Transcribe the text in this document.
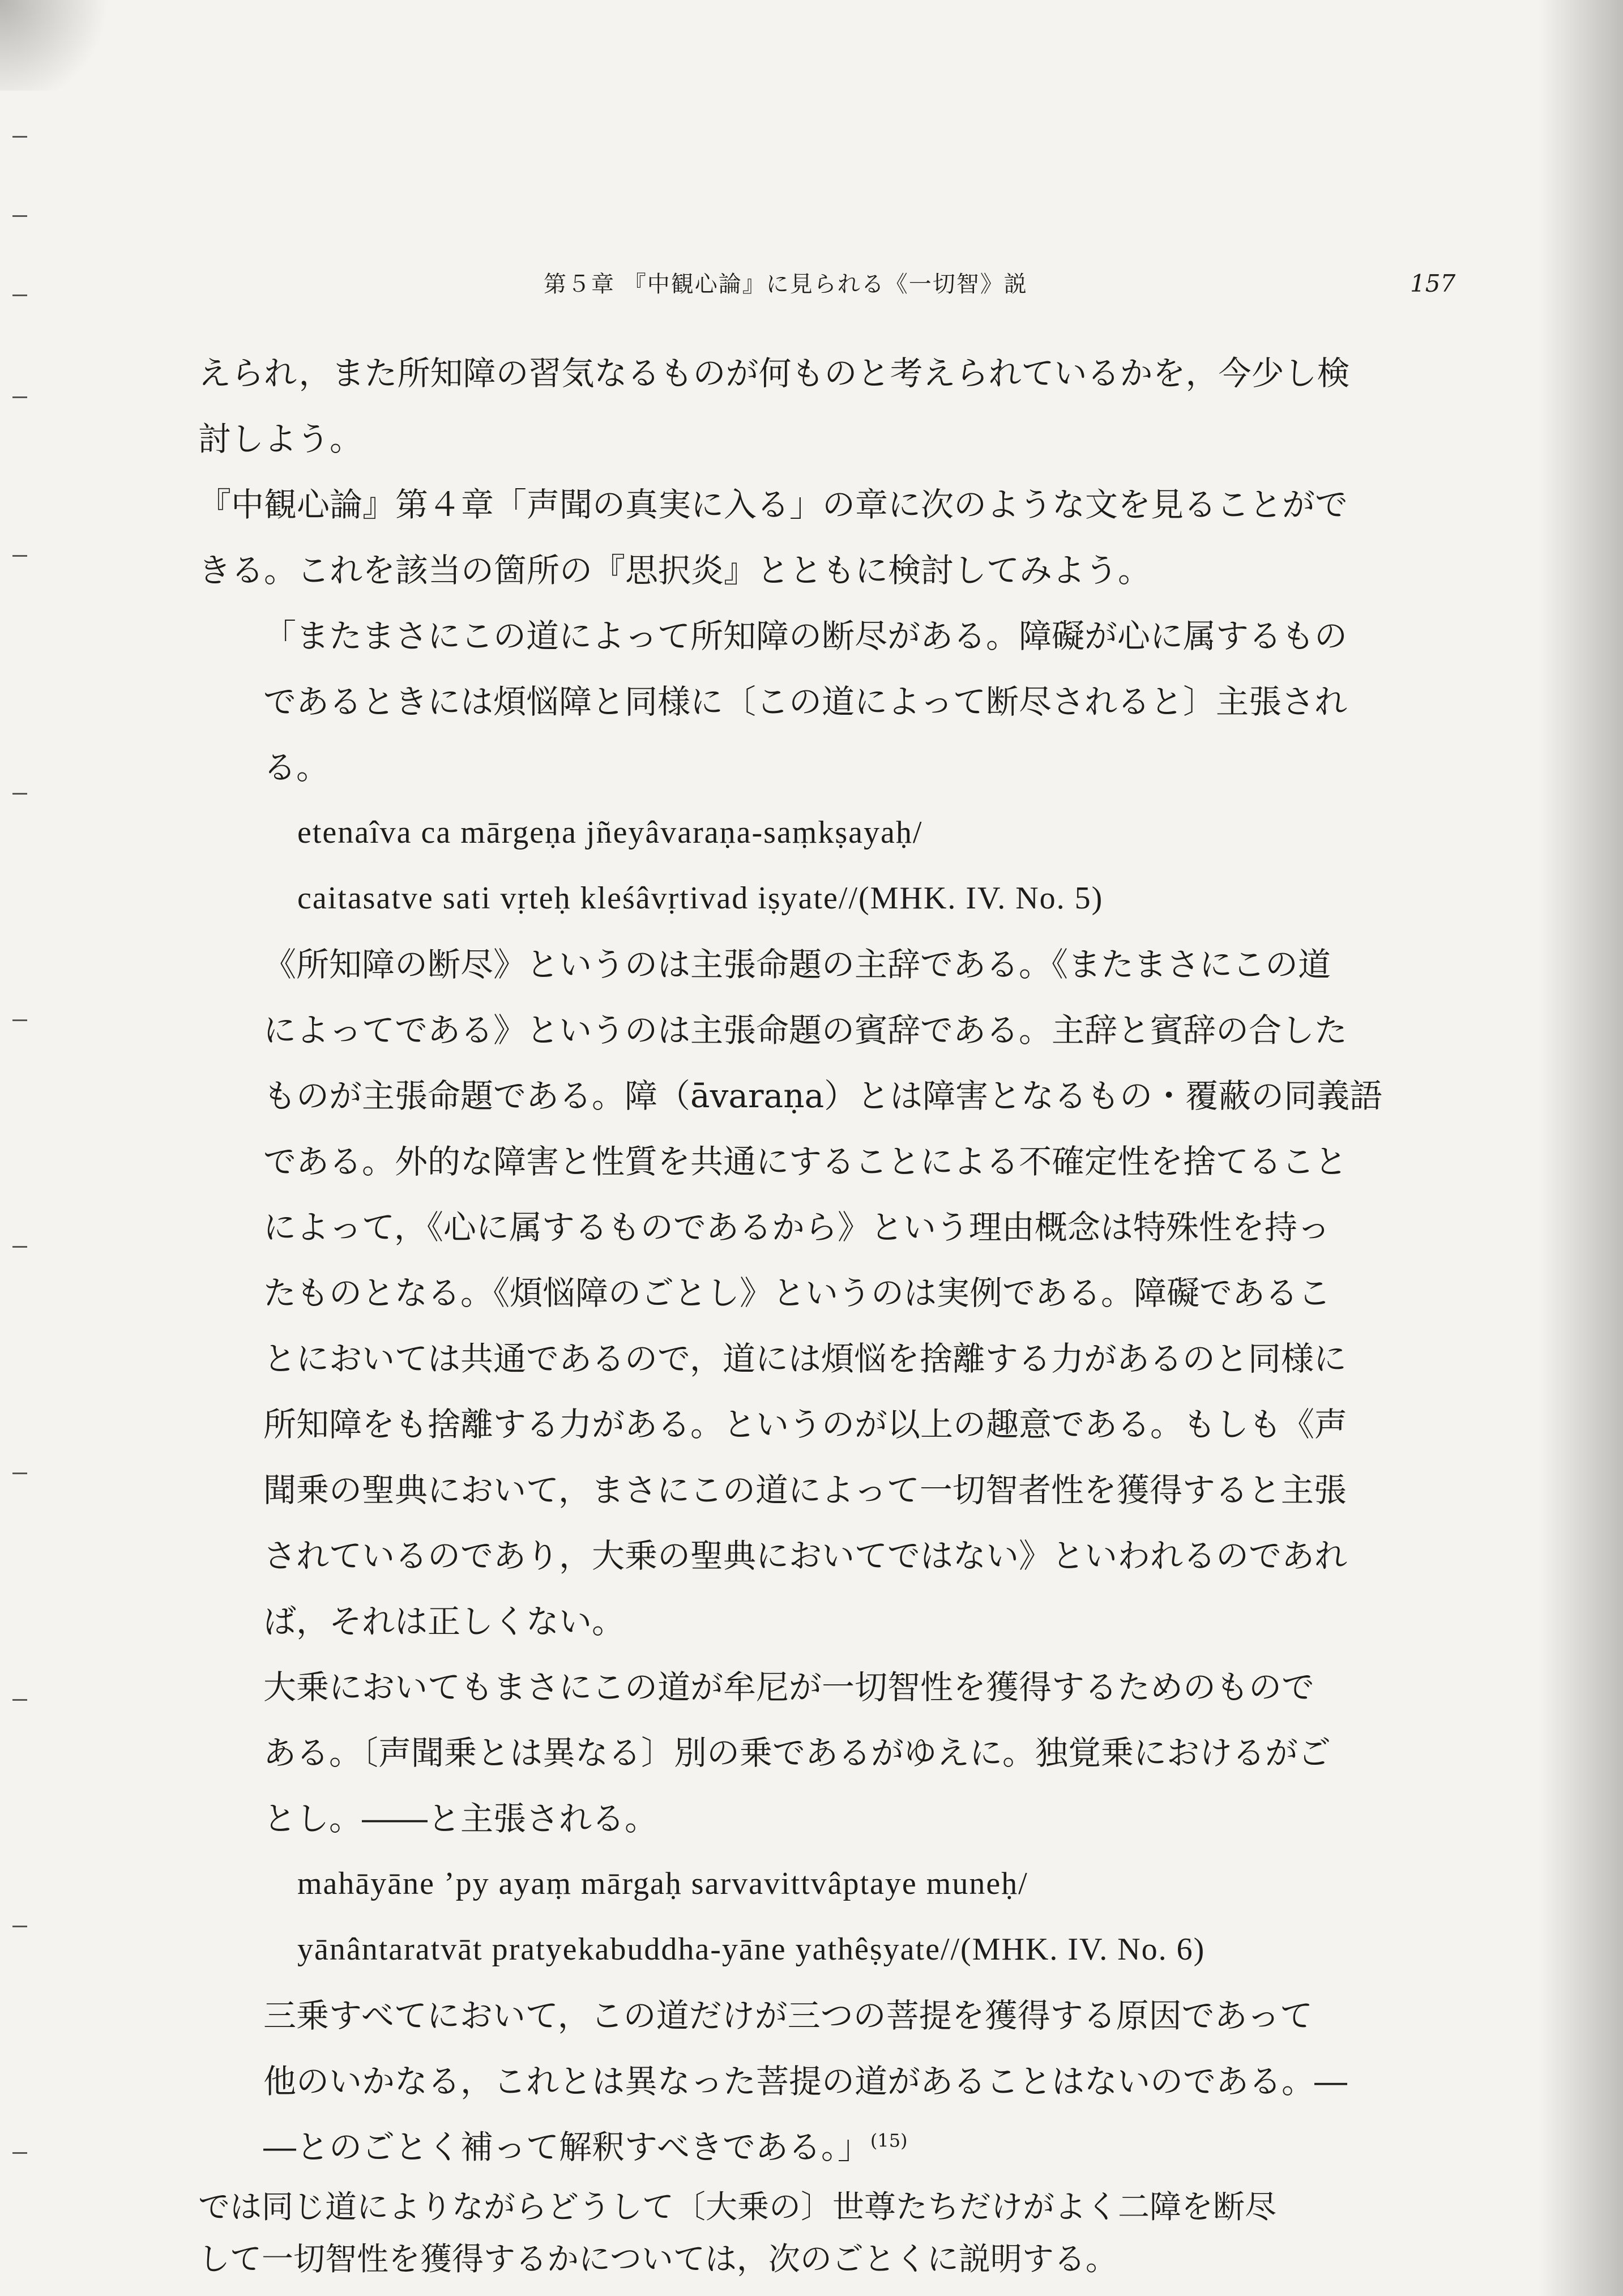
第５章 『中観心論』に見られる《一切智》説	157
えられ，また所知障の習気なるものが何ものと考えられているかを，今少し検
討しよう。
『中観心論』第４章「声聞の真実に入る」の章に次のような文を見ることがで
きる。これを該当の箇所の『思択炎』とともに検討してみよう。
「またまさにこの道によって所知障の断尽がある。障礙が心に属するもの
であるときには煩悩障と同様に〔この道によって断尽されると〕主張され
る。
etenaîva ca mārgeṇa jñeyâvaraṇa-saṃkṣayaḥ/
caitasatve sati vṛteḥ kleśâvṛtivad iṣyate//(MHK. IV. No. 5)
《所知障の断尽》というのは主張命題の主辞である。《またまさにこの道
によってである》というのは主張命題の賓辞である。主辞と賓辞の合した
ものが主張命題である。障（āvaraṇa）とは障害となるもの・覆蔽の同義語
である。外的な障害と性質を共通にすることによる不確定性を捨てること
によって，《心に属するものであるから》という理由概念は特殊性を持っ
たものとなる。《煩悩障のごとし》というのは実例である。障礙であるこ
とにおいては共通であるので，道には煩悩を捨離する力があるのと同様に
所知障をも捨離する力がある。というのが以上の趣意である。もしも《声
聞乗の聖典において，まさにこの道によって一切智者性を獲得すると主張
されているのであり，大乗の聖典においてではない》といわれるのであれ
ば，それは正しくない。
大乗においてもまさにこの道が牟尼が一切智性を獲得するためのもので
ある。〔声聞乗とは異なる〕別の乗であるがゆえに。独覚乗におけるがご
とし。――と主張される。
mahāyāne ’py ayaṃ mārgaḥ sarvavittvâptaye muneḥ/
yānântaratvāt pratyekabuddha-yāne yathêṣyate//(MHK. IV. No. 6)
三乗すべてにおいて，この道だけが三つの菩提を獲得する原因であって
他のいかなる，これとは異なった菩提の道があることはないのである。―
―とのごとく補って解釈すべきである。」$^{(15)}$
では同じ道によりながらどうして〔大乗の〕世尊たちだけがよく二障を断尽
して一切智性を獲得するかについては，次のごとくに説明する。
